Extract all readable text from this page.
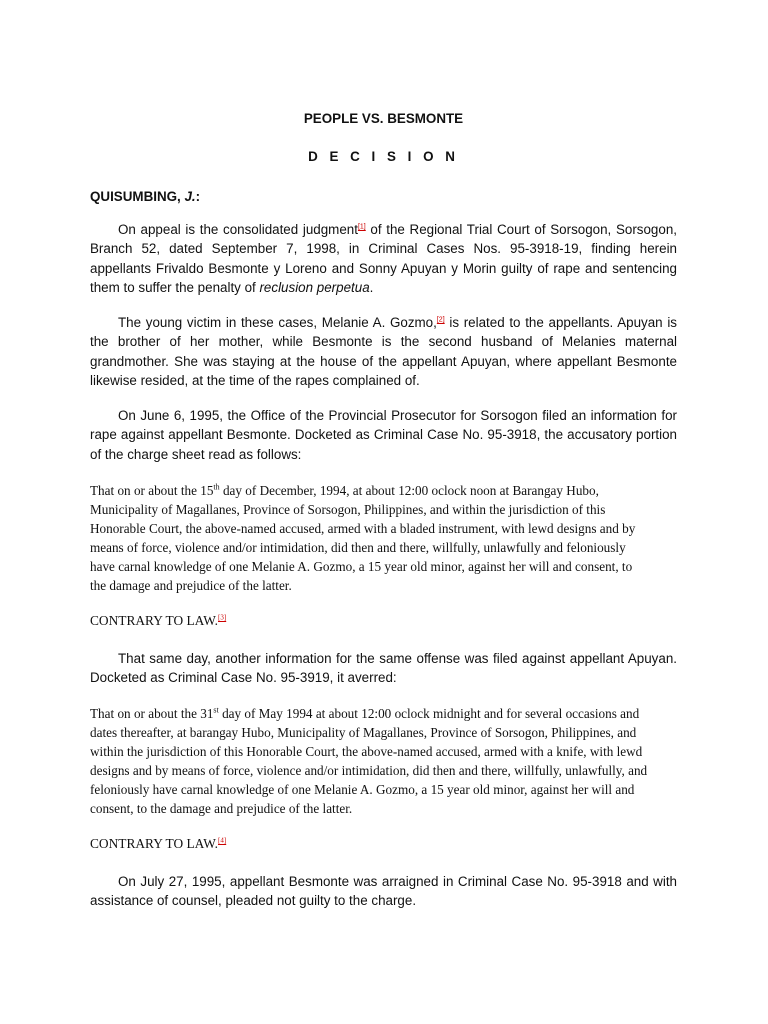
PEOPLE VS. BESMONTE

D E C I S I O N

QUISUMBING, J.:

On appeal is the consolidated judgment[1] of the Regional Trial Court of Sorsogon, Sorsogon, Branch 52, dated September 7, 1998, in Criminal Cases Nos. 95-3918-19, finding herein appellants Frivaldo Besmonte y Loreno and Sonny Apuyan y Morin guilty of rape and sentencing them to suffer the penalty of reclusion perpetua.

The young victim in these cases, Melanie A. Gozmo,[2] is related to the appellants. Apuyan is the brother of her mother, while Besmonte is the second husband of Melanies maternal grandmother. She was staying at the house of the appellant Apuyan, where appellant Besmonte likewise resided, at the time of the rapes complained of.

On June 6, 1995, the Office of the Provincial Prosecutor for Sorsogon filed an information for rape against appellant Besmonte. Docketed as Criminal Case No. 95-3918, the accusatory portion of the charge sheet read as follows:

That on or about the 15th day of December, 1994, at about 12:00 oclock noon at Barangay Hubo, Municipality of Magallanes, Province of Sorsogon, Philippines, and within the jurisdiction of this Honorable Court, the above-named accused, armed with a bladed instrument, with lewd designs and by means of force, violence and/or intimidation, did then and there, willfully, unlawfully and feloniously have carnal knowledge of one Melanie A. Gozmo, a 15 year old minor, against her will and consent, to the damage and prejudice of the latter.

CONTRARY TO LAW.[3]

That same day, another information for the same offense was filed against appellant Apuyan. Docketed as Criminal Case No. 95-3919, it averred:

That on or about the 31st day of May 1994 at about 12:00 oclock midnight and for several occasions and dates thereafter, at barangay Hubo, Municipality of Magallanes, Province of Sorsogon, Philippines, and within the jurisdiction of this Honorable Court, the above-named accused, armed with a knife, with lewd designs and by means of force, violence and/or intimidation, did then and there, willfully, unlawfully, and feloniously have carnal knowledge of one Melanie A. Gozmo, a 15 year old minor, against her will and consent, to the damage and prejudice of the latter.

CONTRARY TO LAW.[4]

On July 27, 1995, appellant Besmonte was arraigned in Criminal Case No. 95-3918 and with assistance of counsel, pleaded not guilty to the charge.
